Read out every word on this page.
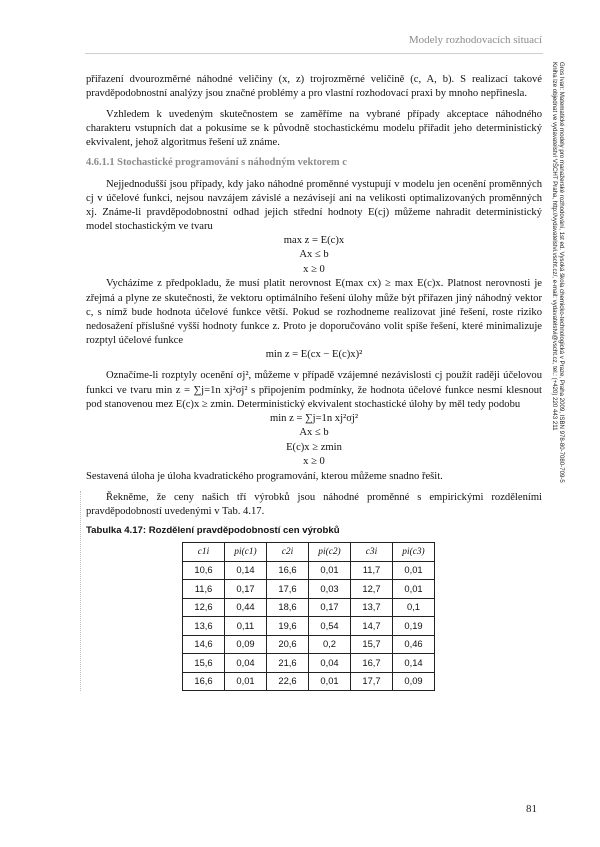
Modely rozhodovacích situací
Gros Ivan: Matematické modely pro manažerské rozhodování, 1st ed. Vysoká škola chemicko-technologická v Praze, Praha 2009, ISBN 978-80-7080-709-5
Kniha lze objednat ve vydavatelství VŠCHT Praha, http://vydavatelstvi.vscht.cz/, e-mail: vydavatelstvi@vscht.cz, tel.: (+420) 220 443 211

přiřazení dvourozměrné náhodné veličiny (x, z) trojrozměrné veličině (c, A, b). S realizací takové pravděpodobnostní analýzy jsou značné problémy a pro vlastní rozhodovací praxi by mnoho nepřinesla.

Vzhledem k uvedeným skutečnostem se zaměříme na vybrané případy akceptace náhodného charakteru vstupních dat a pokusíme se k původně stochastickému modelu přiřadit jeho deterministický ekvivalent, jehož algoritmus řešení už známe.

4.6.1.1 Stochastické programování s náhodným vektorem c

Nejjednodušší jsou případy, kdy jako náhodné proměnné vystupují v modelu jen ocenění proměnných cj v účelové funkci, nejsou navzájem závislé a nezávisejí ani na velikosti optimalizovaných proměnných xj. Známe-li pravděpodobnostní odhad jejich střední hodnoty E(cj) můžeme nahradit deterministický model stochastickým ve tvaru

max z = E(c)x

Ax ≤ b

x ≥ 0

Vycházíme z předpokladu, že musí platit nerovnost E(max cx) ≥ max E(c)x. Platnost nerovnosti je zřejmá a plyne ze skutečnosti, že vektoru optimálního řešení úlohy může být přiřazen jiný náhodný vektor c, s nímž bude hodnota účelové funkce větší. Pokud se rozhodneme realizovat jiné řešení, roste riziko nedosažení příslušné vyšší hodnoty funkce z. Proto je doporučováno volit spíše řešení, které minimalizuje rozptyl účelové funkce

min z = E(cx − E(c)x)²

Označíme-li rozptyly ocenění σj², můžeme v případě vzájemné nezávislosti cj použít raději účelovou funkci ve tvaru min z = ∑j=1n xj²σj² s připojením podmínky, že hodnota účelové funkce nesmí klesnout pod stanovenou mez E(c)x ≥ zmin. Deterministický ekvivalent stochastické úlohy by měl tedy podobu

min z = ∑j=1n xj²σj²

Ax ≤ b

E(c)x ≥ zmin

x ≥ 0

Sestavená úloha je úloha kvadratického programování, kterou můžeme snadno řešit.

Řekněme, že ceny našich tří výrobků jsou náhodné proměnné s empirickými rozděleními pravděpodobností uvedenými v Tab. 4.17.

Tabulka 4.17: Rozdělení pravděpodobností cen výrobků
c1i	pi(c1)	c2i	pi(c2)	c3i	pi(c3)
10,6	0,14	16,6	0,01	11,7	0,01
11,6	0,17	17,6	0,03	12,7	0,01
12,6	0,44	18,6	0,17	13,7	0,1
13,6	0,11	19,6	0,54	14,7	0,19
14,6	0,09	20,6	0,2	15,7	0,46
15,6	0,04	21,6	0,04	16,7	0,14
16,6	0,01	22,6	0,01	17,7	0,09
81
